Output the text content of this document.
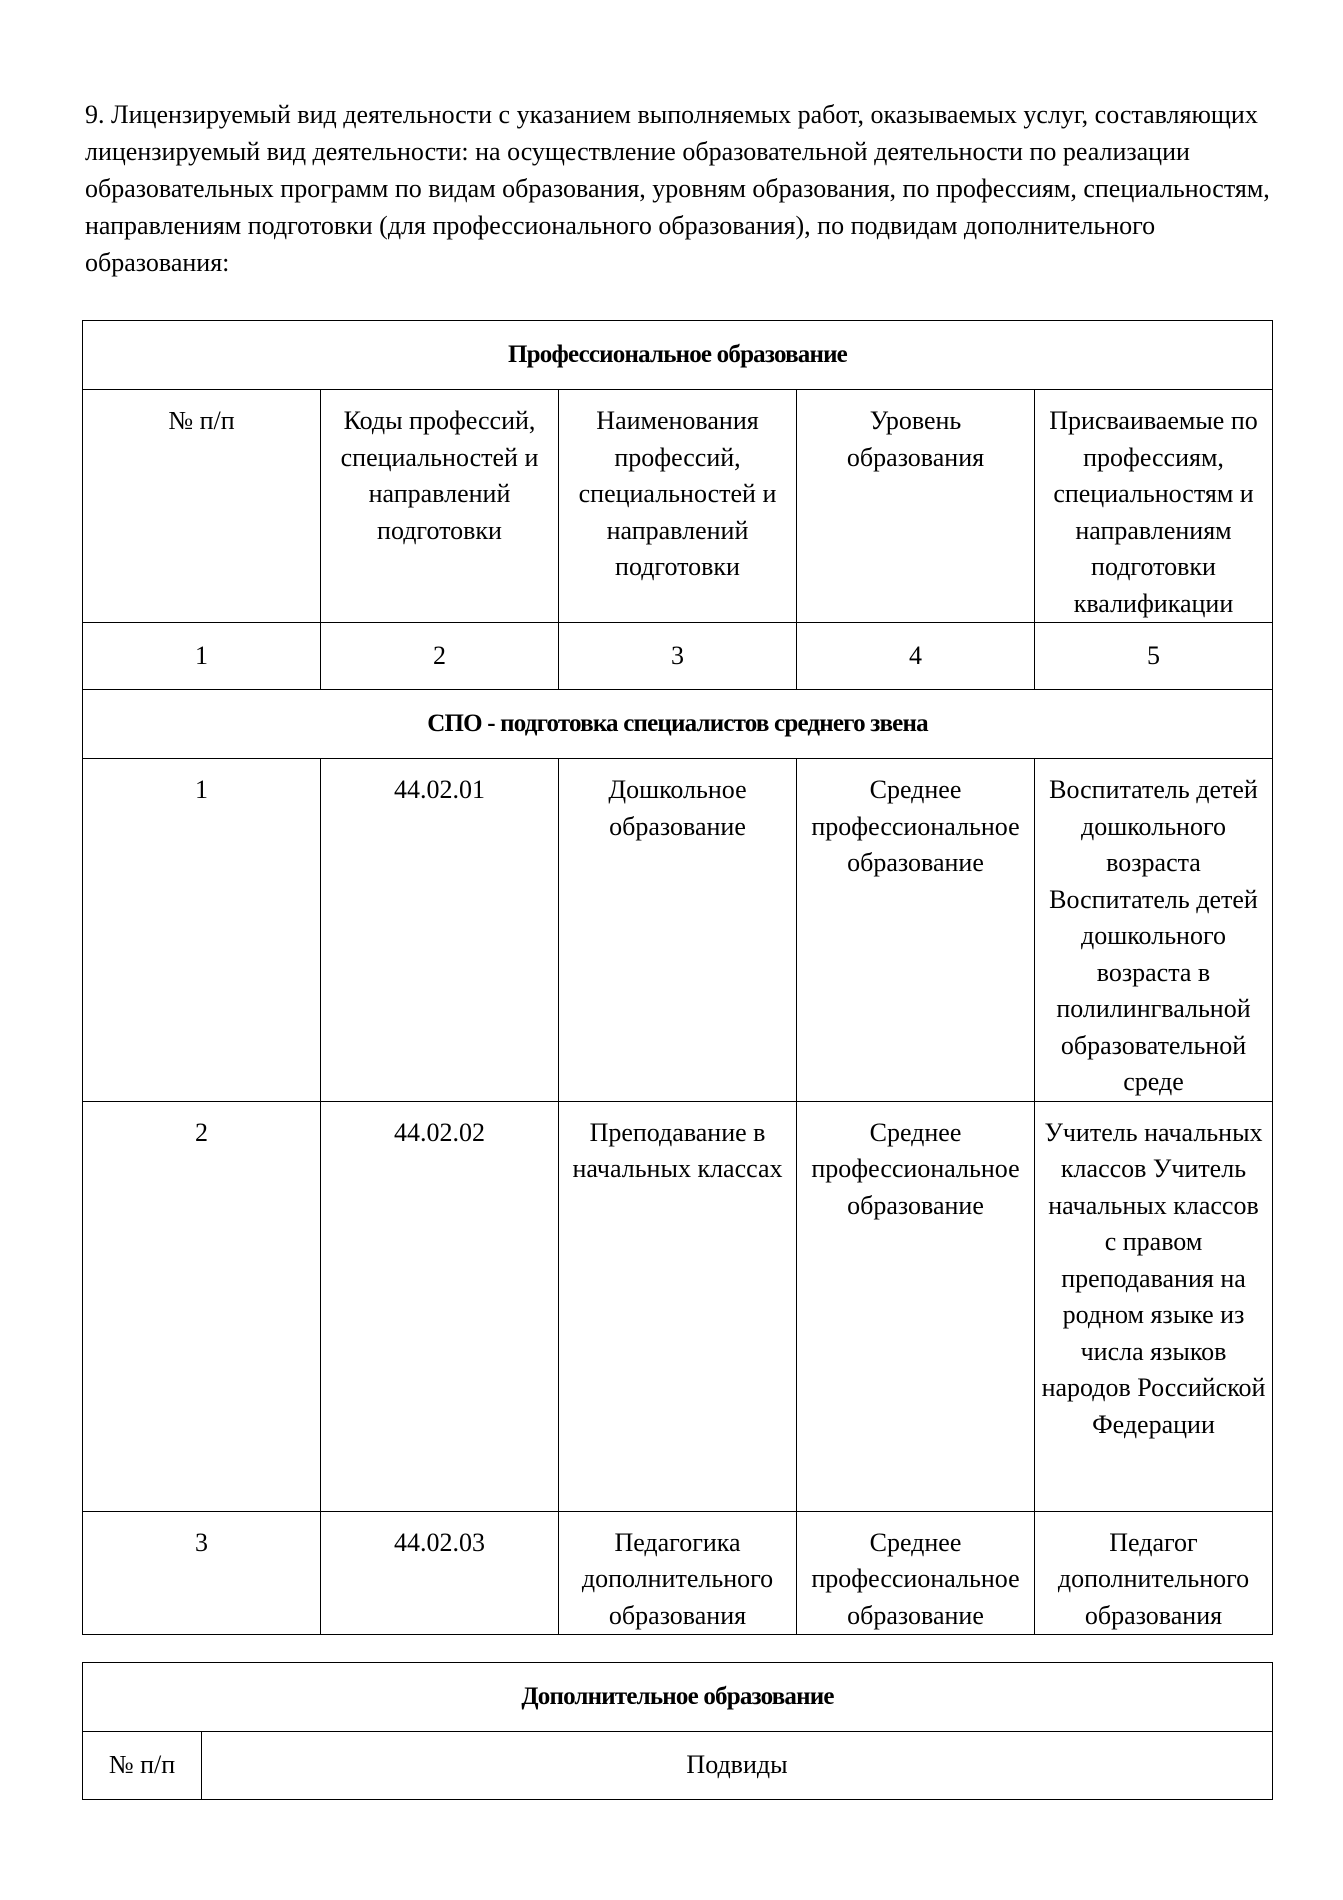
9. Лицензируемый вид деятельности с указанием выполняемых работ, оказываемых услуг, составляющих лицензируемый вид деятельности: на осуществление образовательной деятельности по реализации образовательных программ по видам образования, уровням образования, по профессиям, специальностям, направлениям подготовки (для профессионального образования), по подвидам дополнительного образования:

Профессиональное образование				
№ п/п	Коды профессий, специальностей и направлений подготовки	Наименования профессий, специальностей и направлений подготовки	Уровень образования	Присваиваемые по профессиям, специальностям и направлениям подготовки квалификации
1	2	3	4	5
СПО - подготовка специалистов среднего звена				
1	44.02.01	Дошкольное образование	Среднее профессиональное образование	Воспитатель детей дошкольного возраста Воспитатель детей дошкольного возраста в полилингвальной образовательной среде
2	44.02.02	Преподавание в начальных классах	Среднее профессиональное образование	Учитель начальных классов Учитель начальных классов с правом преподавания на родном языке из числа языков народов Российской Федерации
3	44.02.03	Педагогика дополнительного образования	Среднее профессиональное образование	Педагог дополнительного образования
Дополнительное образование
№ п/п	Подвиды
